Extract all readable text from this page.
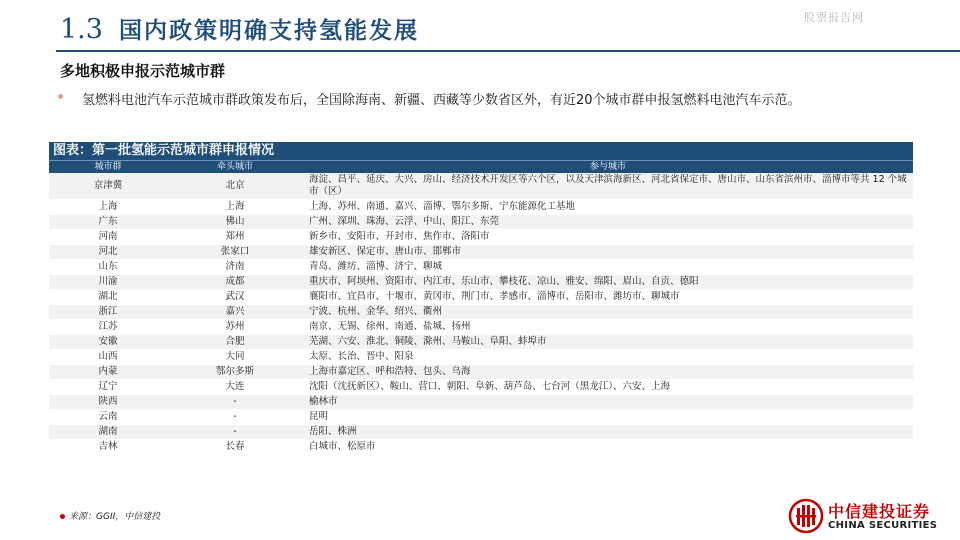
股票报告网
1.3 国内政策明确支持氢能发展
多地积极申报示范城市群
氢燃料电池汽车示范城市群政策发布后，全国除海南、新疆、西藏等少数省区外，有近20个城市群申报氢燃料电池汽车示范。
图表：第一批氢能示范城市群申报情况
城市群	牵头城市	参与城市
京津冀	北京	海淀、昌平、延庆、大兴、房山、经济技术开发区等六个区，以及天津滨海新区、河北省保定市、唐山市、山东省滨州市、淄博市等共 12 个城市（区）
上海	上海	上海、苏州、南通、嘉兴、淄博、鄂尔多斯、宁东能源化工基地
广东	佛山	广州、深圳、珠海、云浮、中山、阳江、东莞
河南	郑州	新乡市、安阳市、开封市、焦作市、洛阳市
河北	张家口	雄安新区、保定市、唐山市、邯郸市
山东	济南	青岛、潍坊、淄博、济宁、聊城
川渝	成都	重庆市、阿坝州、资阳市、内江市、乐山市、攀枝花、凉山、雅安、绵阳、眉山、自贡、德阳
湖北	武汉	襄阳市、宜昌市、十堰市、黄冈市、荆门市、孝感市、淄博市、岳阳市、潍坊市、聊城市
浙江	嘉兴	宁波、杭州、金华、绍兴、衢州
江苏	苏州	南京、无锡、徐州、南通、盐城、扬州
安徽	合肥	芜湖、六安、淮北、铜陵、滁州、马鞍山、阜阳、蚌埠市
山西	大同	太原、长治、晋中、阳泉
内蒙	鄂尔多斯	上海市嘉定区、呼和浩特、包头、乌海
辽宁	大连	沈阳（沈抚新区）、鞍山、营口、朝阳、阜新、葫芦岛、七台河（黑龙江）、六安、上海
陕西	-	榆林市
云南	-	昆明
湖南	-	岳阳、株洲
吉林	长春	白城市、松原市
来源：GGII，中信建投	中信建投证券
CHINA SECURITIES
